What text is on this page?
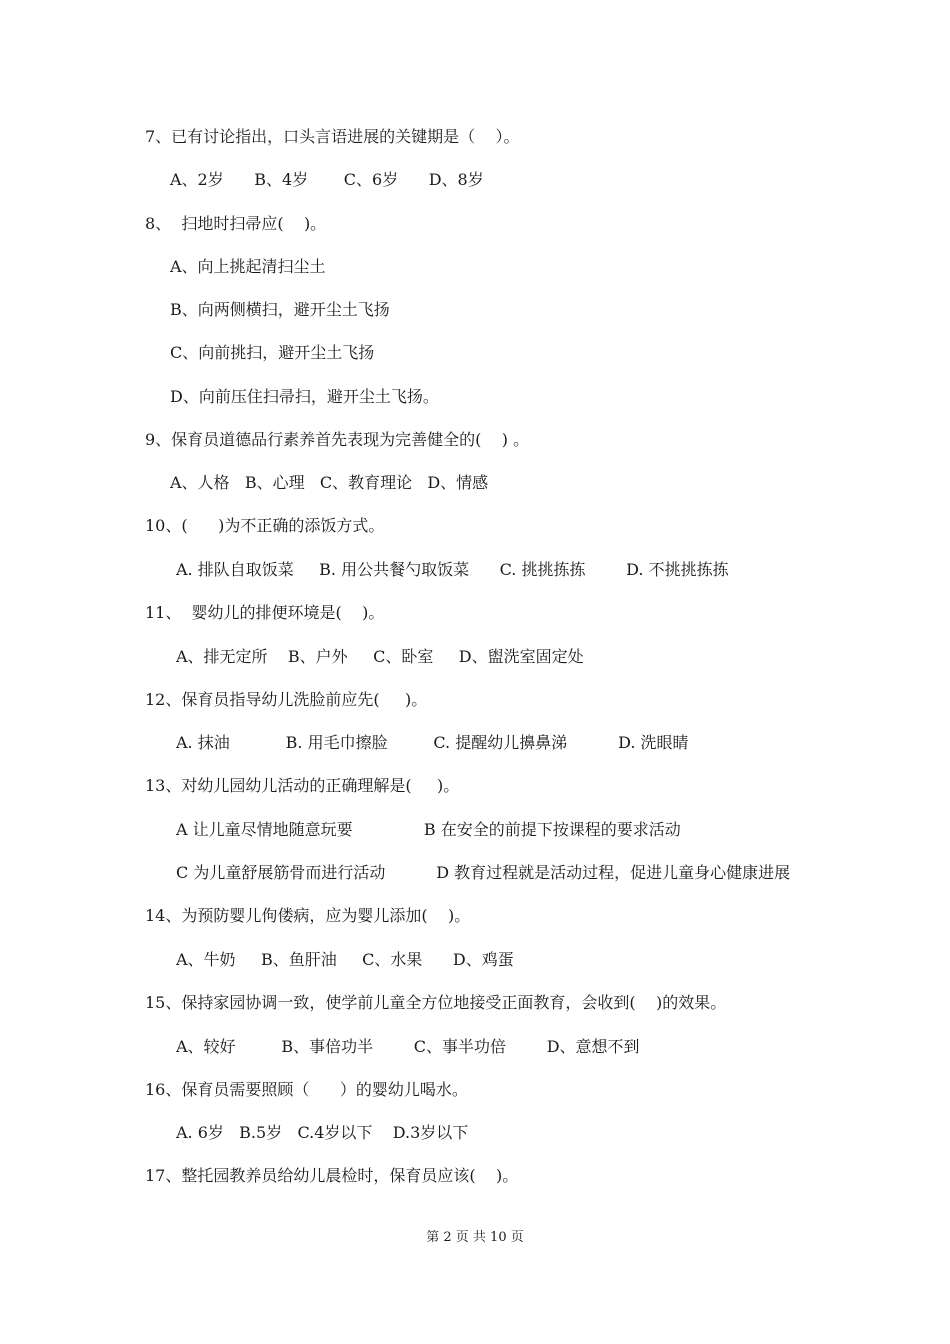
7、已有讨论指出，口头言语进展的关键期是（    ）。
A、2岁      B、4岁       C、6岁      D、8岁
8、  扫地时扫帚应(    )。
A、向上挑起清扫尘土
B、向两侧横扫，避开尘土飞扬
C、向前挑扫，避开尘土飞扬
D、向前压住扫帚扫，避开尘土飞扬。
9、保育员道德品行素养首先表现为完善健全的(    ) 。
A、人格   B、心理   C、教育理论   D、情感
10、(      )为不正确的添饭方式。
A. 排队自取饭菜     B. 用公共餐勺取饭菜      C. 挑挑拣拣        D. 不挑挑拣拣
11、  婴幼儿的排便环境是(    )。
A、排无定所    B、户外     C、卧室     D、盥洗室固定处
12、保育员指导幼儿洗脸前应先(     )。
A. 抹油           B. 用毛巾擦脸         C. 提醒幼儿擤鼻涕          D. 洗眼睛
13、对幼儿园幼儿活动的正确理解是(     )。
A 让儿童尽情地随意玩要              B 在安全的前提下按课程的要求活动
C 为儿童舒展筋骨而进行活动          D 教育过程就是活动过程，促进儿童身心健康进展
14、为预防婴儿佝偻病，应为婴儿添加(    )。
A、牛奶     B、鱼肝油     C、水果      D、鸡蛋
15、保持家园协调一致，使学前儿童全方位地接受正面教育，会收到(    )的效果。
A、较好         B、事倍功半        C、事半功倍        D、意想不到
16、保育员需要照顾（      ）的婴幼儿喝水。
A. 6岁   B.5岁   C.4岁以下    D.3岁以下
17、整托园教养员给幼儿晨检时，保育员应该(    )。
第 2 页 共 10 页
